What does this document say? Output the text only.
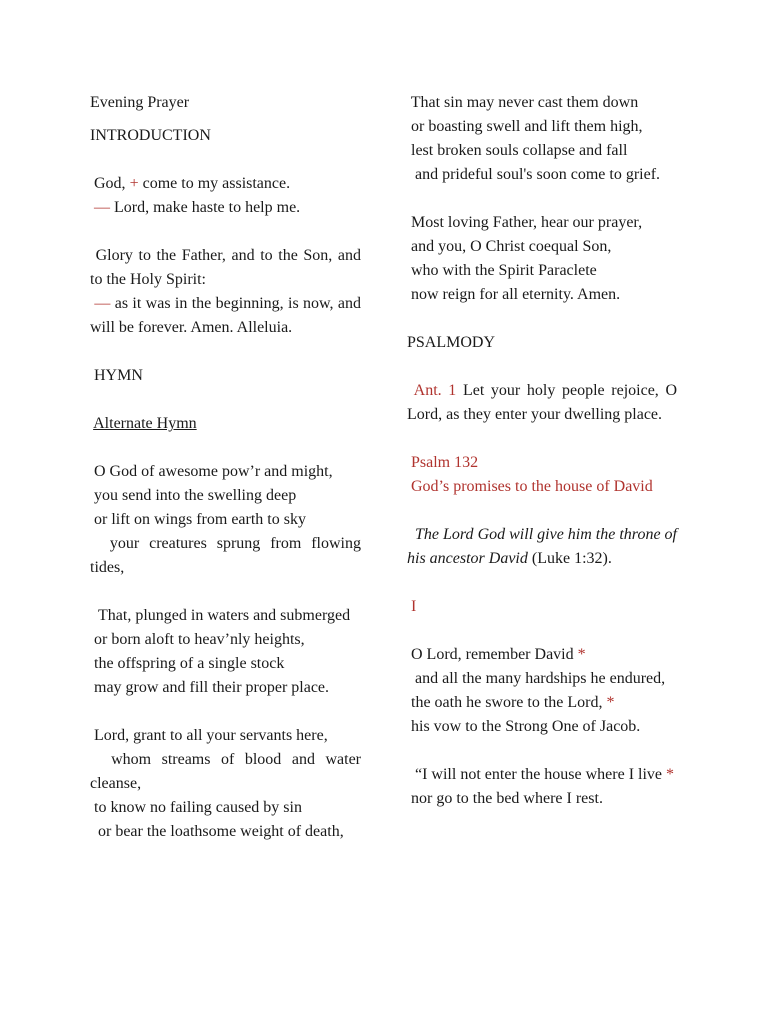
Evening Prayer

INTRODUCTION

God, + come to my assistance.

— Lord, make haste to help me.

Glory to the Father, and to the Son, and to the Holy Spirit:

— as it was in the beginning, is now, and will be forever. Amen. Alleluia.

HYMN

Alternate Hymn

O God of awesome pow’r and might,

you send into the swelling deep

or lift on wings from earth to sky

your creatures sprung from flowing tides,

That, plunged in waters and submerged

or born aloft to heav’nly heights,

the offspring of a single stock

may grow and fill their proper place.

Lord, grant to all your servants here,

whom streams of blood and water cleanse,

to know no failing caused by sin

or bear the loathsome weight of death,

That sin may never cast them down

or boasting swell and lift them high,

lest broken souls collapse and fall

and prideful soul's soon come to grief.

Most loving Father, hear our prayer,

and you, O Christ coequal Son,

who with the Spirit Paraclete

now reign for all eternity. Amen.

PSALMODY

Ant. 1 Let your holy people rejoice, O Lord, as they enter your dwelling place.

Psalm 132

God’s promises to the house of David

The Lord God will give him the throne of his ancestor David (Luke 1:32).

I

O Lord, remember David *

and all the many hardships he endured,

the oath he swore to the Lord, *

his vow to the Strong One of Jacob.

“I will not enter the house where I live *

nor go to the bed where I rest.
